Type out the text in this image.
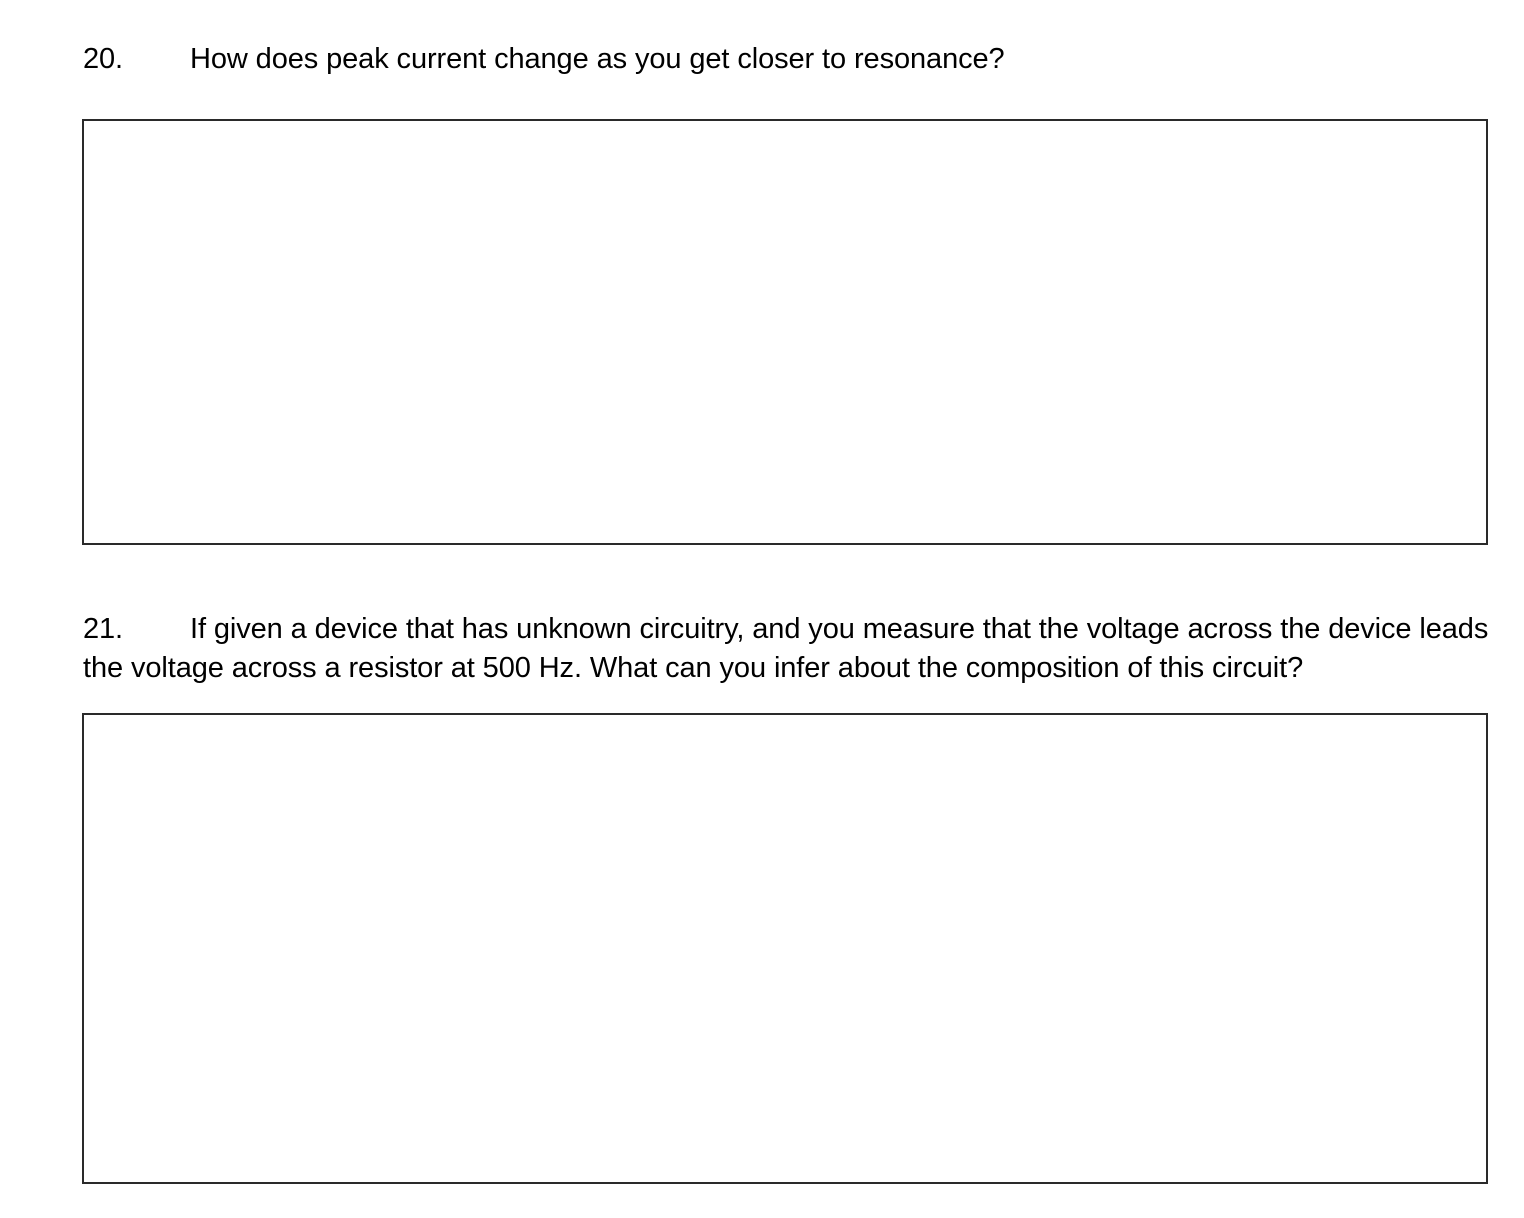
20. How does peak current change as you get closer to resonance?
21. If given a device that has unknown circuitry, and you measure that the voltage across the device leads the voltage across a resistor at 500 Hz. What can you infer about the composition of this circuit?
